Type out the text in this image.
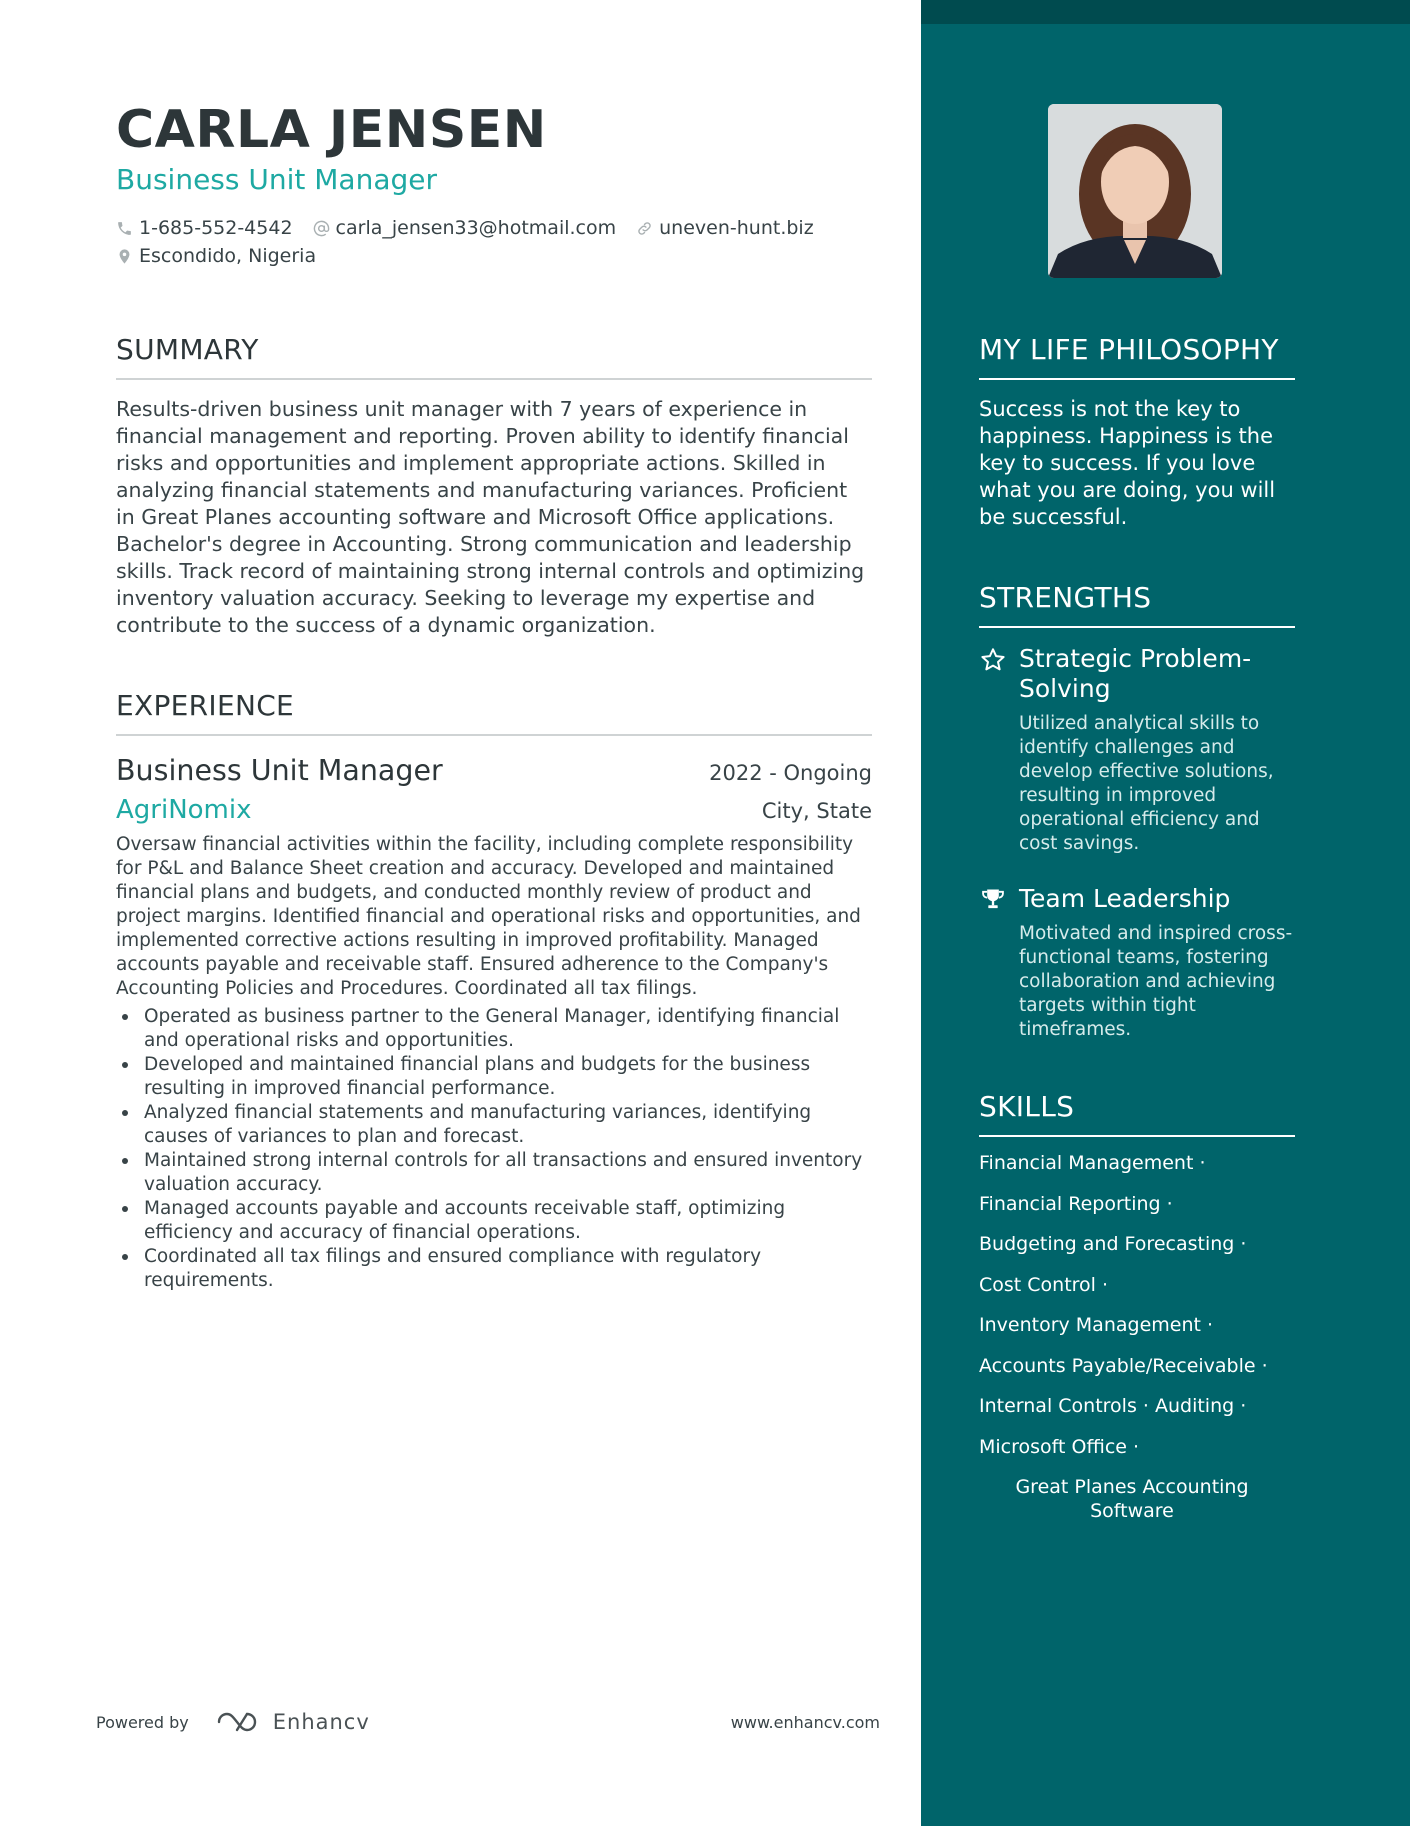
CARLA JENSEN
Business Unit Manager
1-685-552-4542 carla_jensen33@hotmail.com uneven-hunt.biz
Escondido, Nigeria
SUMMARY
Results-driven business unit manager with 7 years of experience in financial management and reporting. Proven ability to identify financial risks and opportunities and implement appropriate actions. Skilled in analyzing financial statements and manufacturing variances. Proficient in Great Planes accounting software and Microsoft Office applications. Bachelor's degree in Accounting. Strong communication and leadership skills. Track record of maintaining strong internal controls and optimizing inventory valuation accuracy. Seeking to leverage my expertise and contribute to the success of a dynamic organization.
EXPERIENCE
Business Unit Manager	2022 - Ongoing
AgriNomix	City, State
Oversaw financial activities within the facility, including complete responsibility for P&L and Balance Sheet creation and accuracy. Developed and maintained financial plans and budgets, and conducted monthly review of product and project margins. Identified financial and operational risks and opportunities, and implemented corrective actions resulting in improved profitability. Managed accounts payable and receivable staff. Ensured adherence to the Company's Accounting Policies and Procedures. Coordinated all tax filings.
Operated as business partner to the General Manager, identifying financial and operational risks and opportunities.
Developed and maintained financial plans and budgets for the business resulting in improved financial performance.
Analyzed financial statements and manufacturing variances, identifying causes of variances to plan and forecast.
Maintained strong internal controls for all transactions and ensured inventory valuation accuracy.
Managed accounts payable and accounts receivable staff, optimizing efficiency and accuracy of financial operations.
Coordinated all tax filings and ensured compliance with regulatory requirements.
Powered by	Enhancv	www.enhancv.com
MY LIFE PHILOSOPHY
Success is not the key to happiness. Happiness is the key to success. If you love what you are doing, you will be successful.
STRENGTHS
Strategic Problem-Solving
Utilized analytical skills to identify challenges and develop effective solutions, resulting in improved operational efficiency and cost savings.
Team Leadership
Motivated and inspired cross-functional teams, fostering collaboration and achieving targets within tight timeframes.
SKILLS
Financial Management ·
Financial Reporting ·
Budgeting and Forecasting ·
Cost Control ·
Inventory Management ·
Accounts Payable/Receivable ·
Internal Controls · Auditing ·
Microsoft Office ·
Great Planes Accounting Software
